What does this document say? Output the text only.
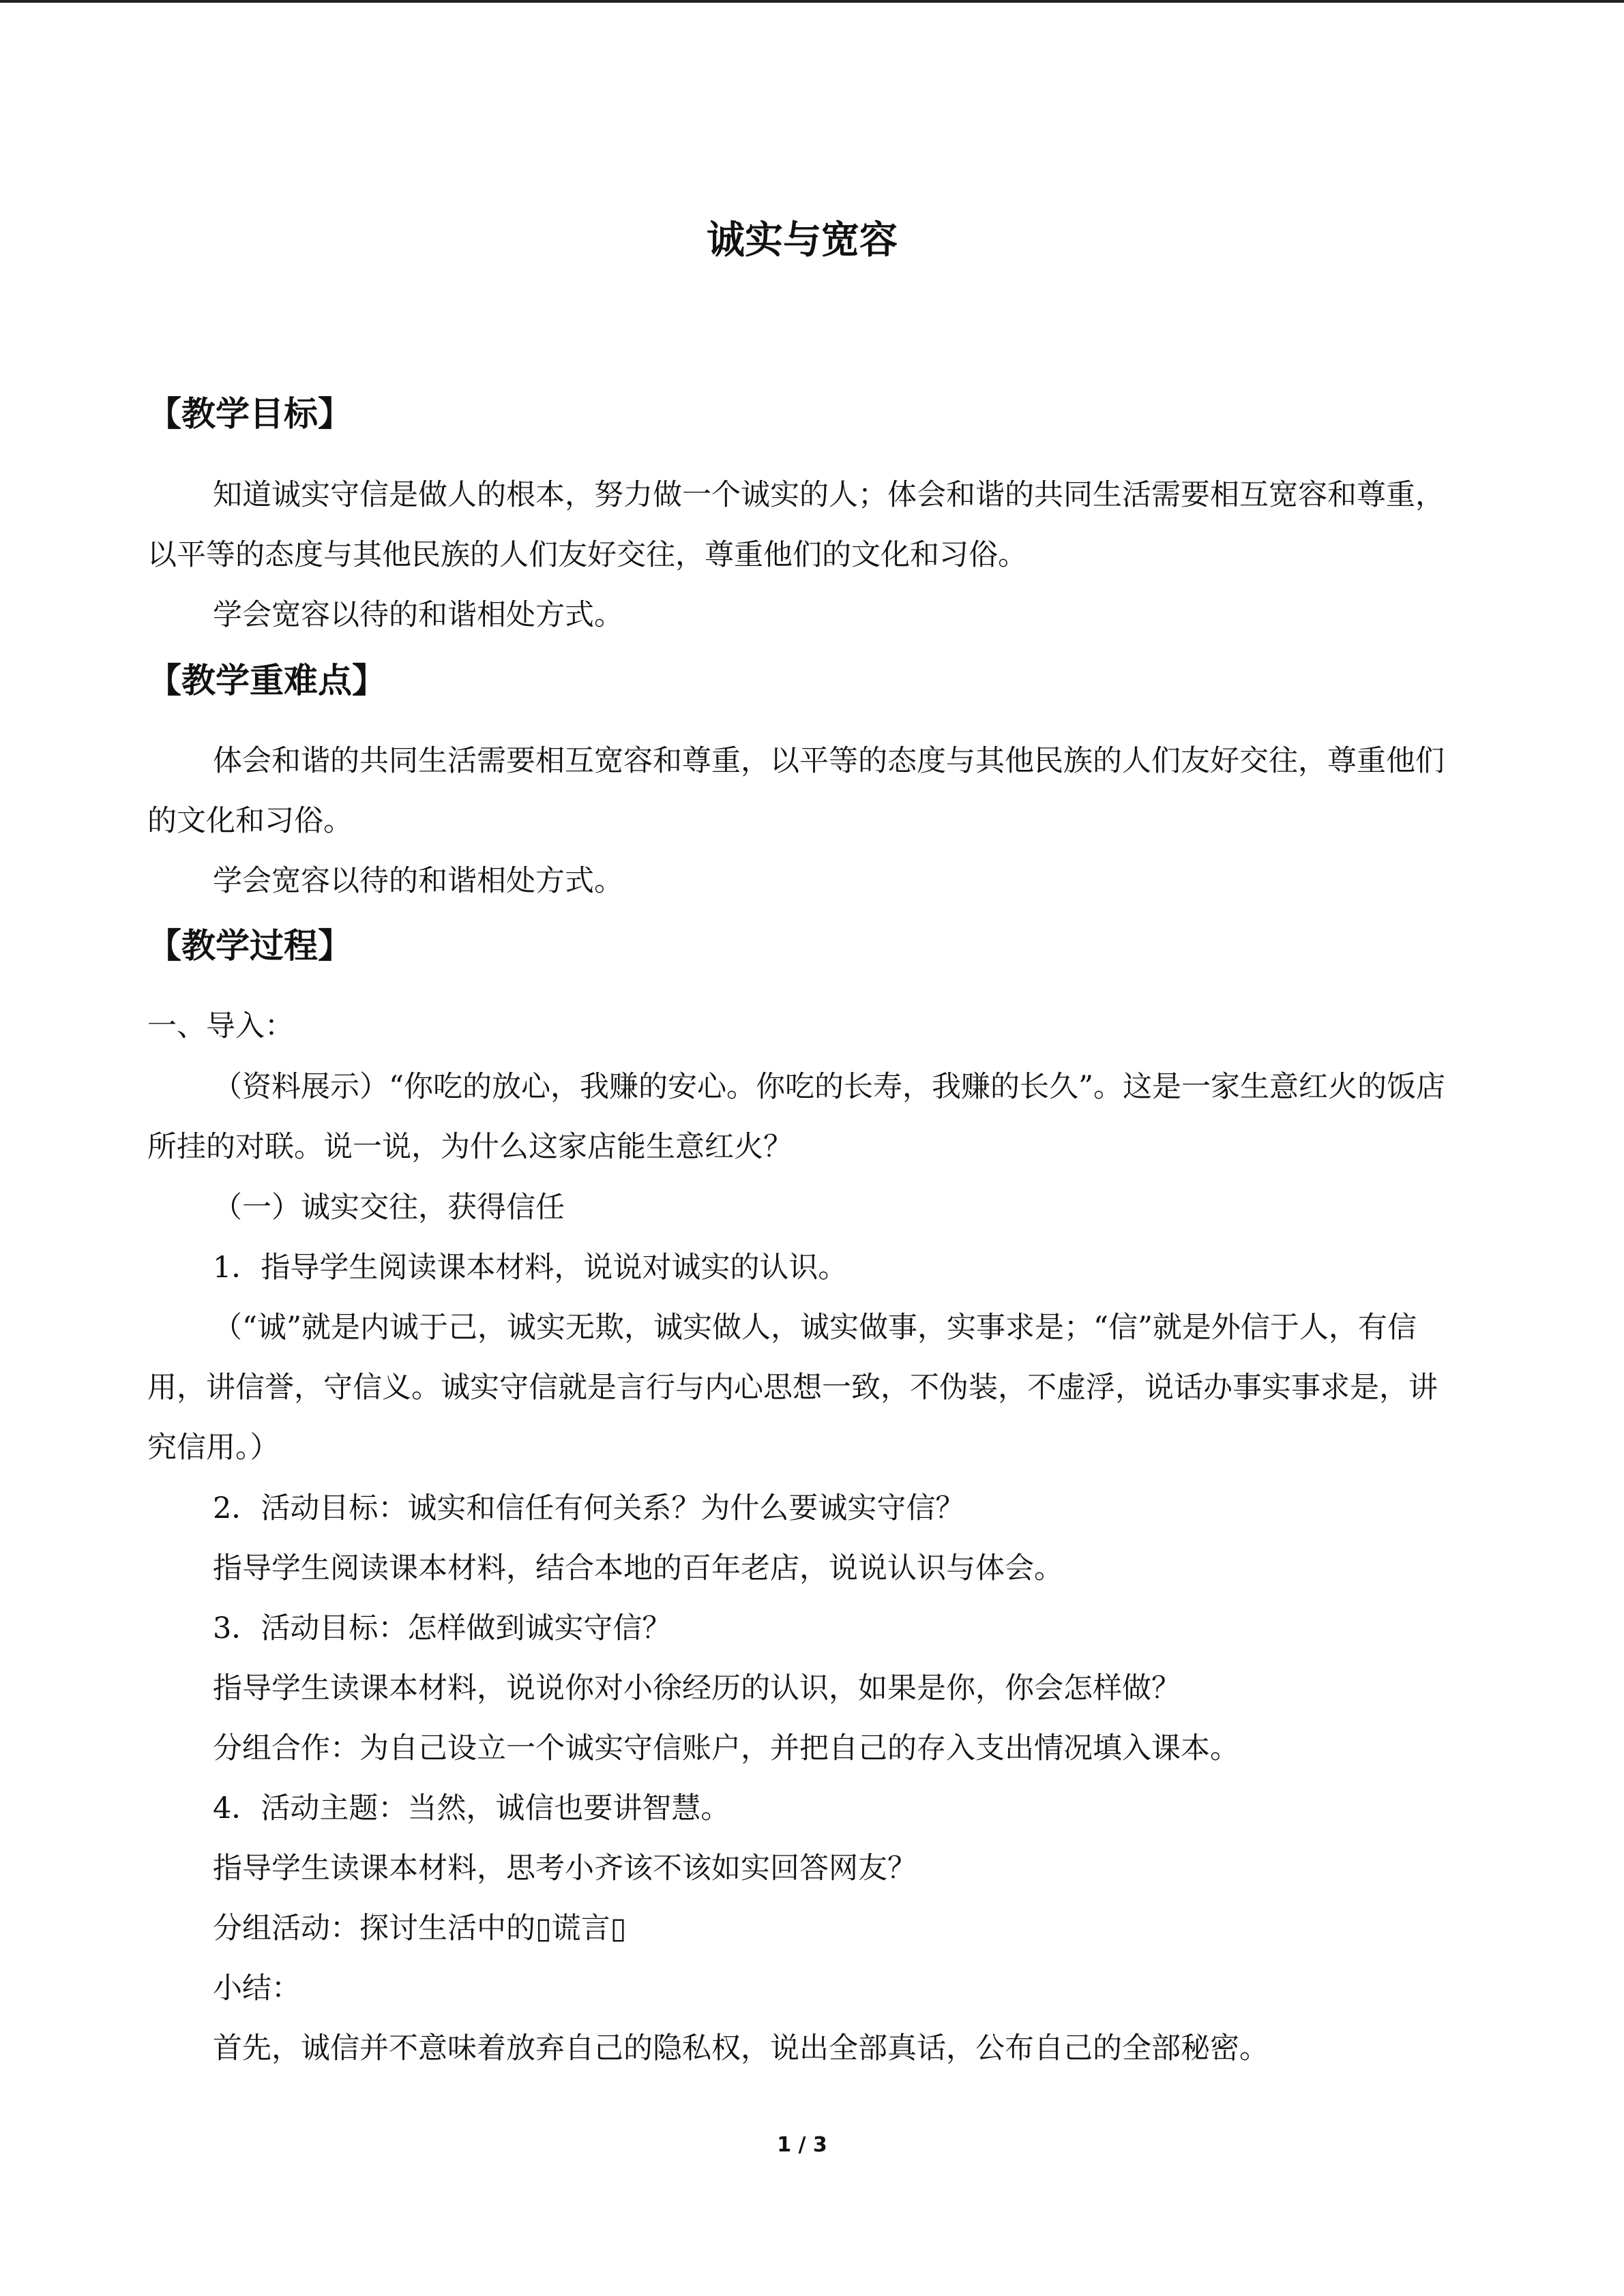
诚实与宽容
【教学目标】

知道诚实守信是做人的根本，努力做一个诚实的人；体会和谐的共同生活需要相互宽容和尊重，以平等的态度与其他民族的人们友好交往，尊重他们的文化和习俗。

学会宽容以待的和谐相处方式。

【教学重难点】

体会和谐的共同生活需要相互宽容和尊重，以平等的态度与其他民族的人们友好交往，尊重他们的文化和习俗。

学会宽容以待的和谐相处方式。

【教学过程】

一、导入：

（资料展示）“你吃的放心，我赚的安心。你吃的长寿，我赚的长久”。这是一家生意红火的饭店所挂的对联。说一说，为什么这家店能生意红火？

（一）诚实交往，获得信任

1．指导学生阅读课本材料，说说对诚实的认识。

（“诚”就是内诚于己，诚实无欺，诚实做人，诚实做事，实事求是；“信”就是外信于人，有信用，讲信誉，守信义。诚实守信就是言行与内心思想一致，不伪装，不虚浮，说话办事实事求是，讲究信用。）

2．活动目标：诚实和信任有何关系？为什么要诚实守信？

指导学生阅读课本材料，结合本地的百年老店，说说认识与体会。

3．活动目标：怎样做到诚实守信？

指导学生读课本材料，说说你对小徐经历的认识，如果是你，你会怎样做？

分组合作：为自己设立一个诚实守信账户，并把自己的存入支出情况填入课本。

4．活动主题：当然，诚信也要讲智慧。

指导学生读课本材料，思考小齐该不该如实回答网友？

分组活动：探讨生活中的▯谎言▯

小结：

首先，诚信并不意味着放弃自己的隐私权，说出全部真话，公布自己的全部秘密。

1 / 3
